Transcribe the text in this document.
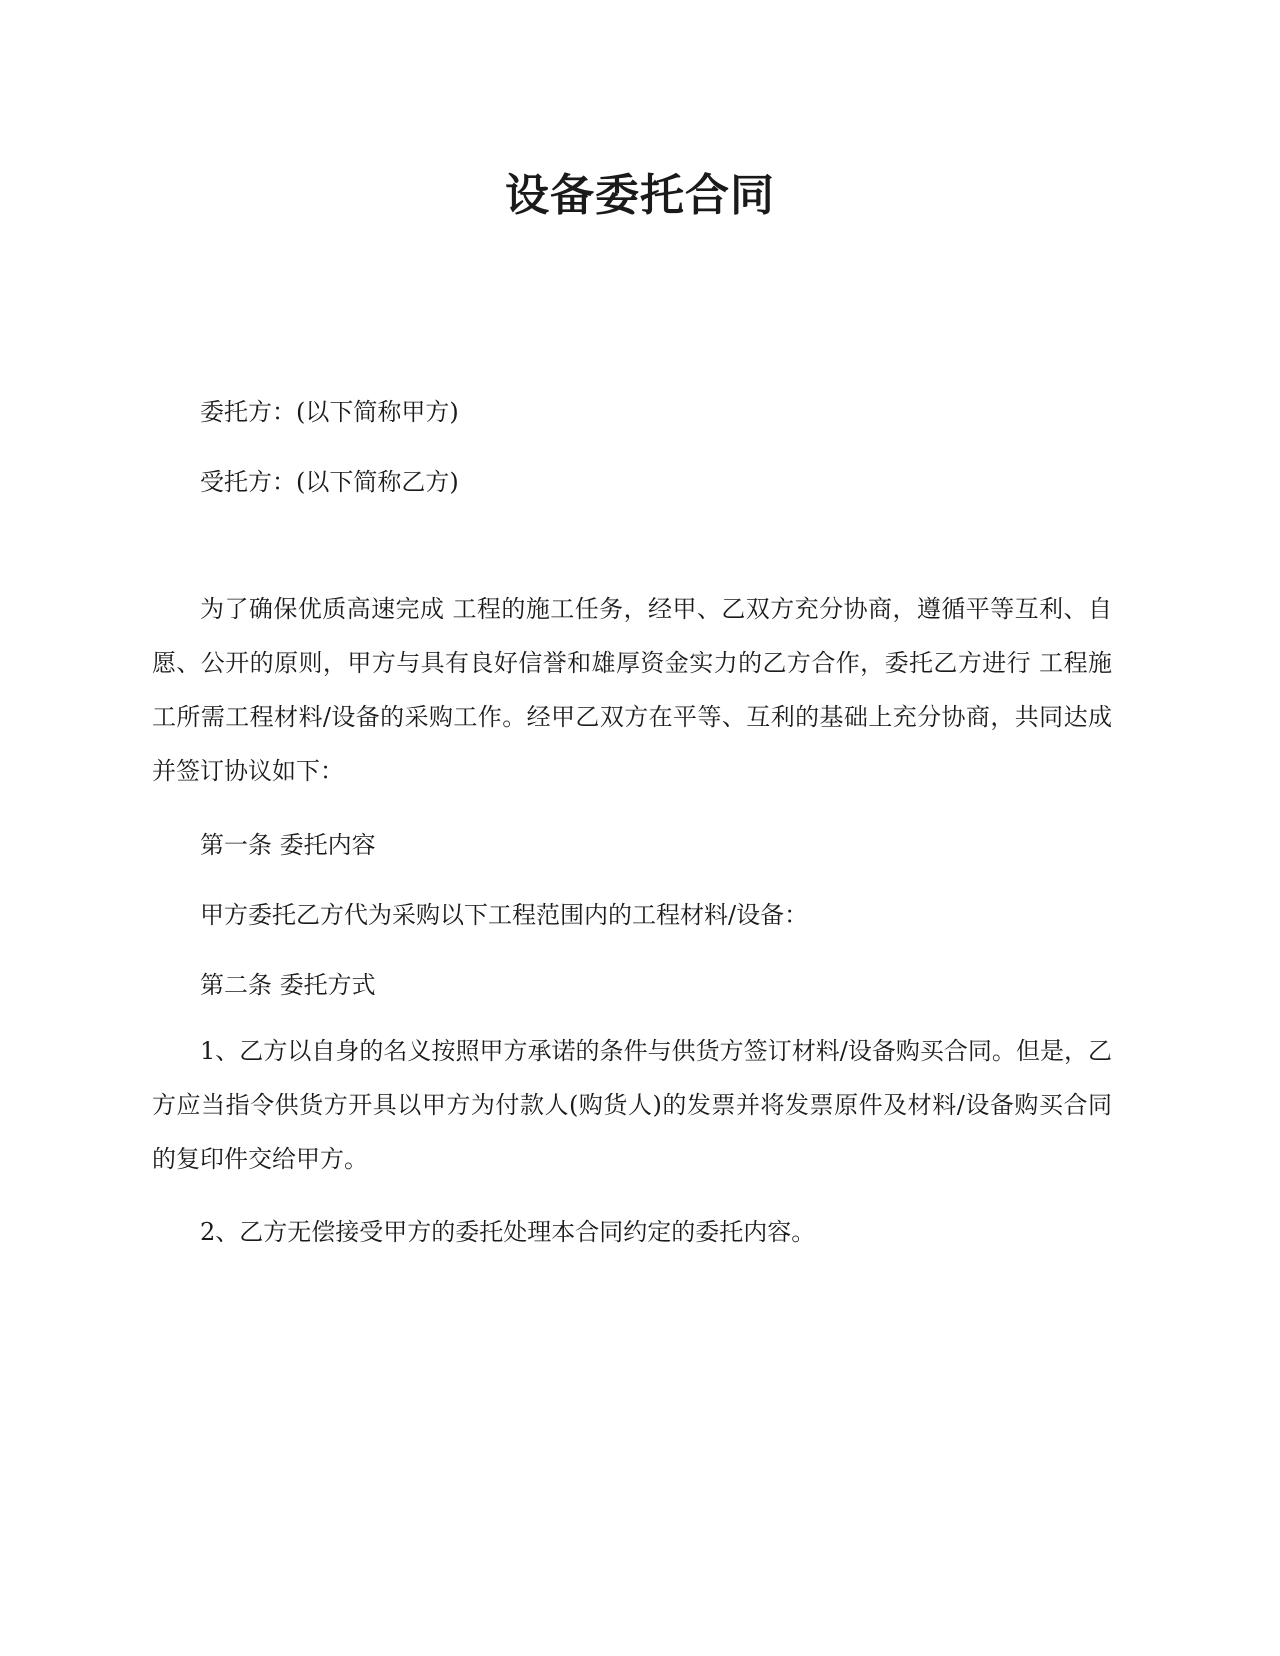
设备委托合同

委托方：(以下简称甲方)

受托方：(以下简称乙方)

为了确保优质高速完成 工程的施工任务，经甲、乙双方充分协商，遵循平等互利、自愿、公开的原则，甲方与具有良好信誉和雄厚资金实力的乙方合作，委托乙方进行 工程施工所需工程材料/设备的采购工作。经甲乙双方在平等、互利的基础上充分协商，共同达成并签订协议如下：

第一条 委托内容

甲方委托乙方代为采购以下工程范围内的工程材料/设备：

第二条 委托方式

1、乙方以自身的名义按照甲方承诺的条件与供货方签订材料/设备购买合同。但是，乙方应当指令供货方开具以甲方为付款人(购货人)的发票并将发票原件及材料/设备购买合同的复印件交给甲方。

2、乙方无偿接受甲方的委托处理本合同约定的委托内容。
